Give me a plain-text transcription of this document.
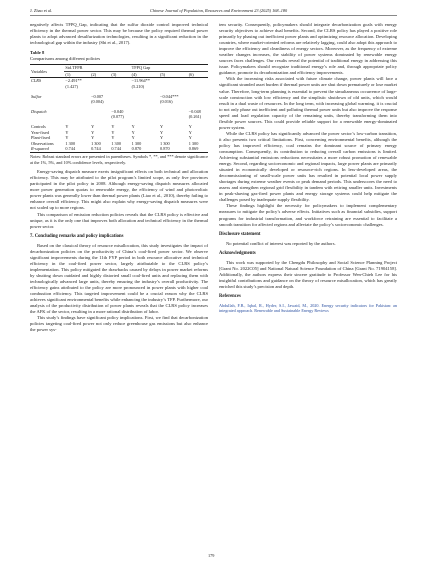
J. Zhao et al.	Chinese Journal of Population, Resources and Environment 23 (2025) 168–180

negatively affects TFPQ_Gap, indicating that the sulfur dioxide control improved technical efficiency in the thermal power sector. This may be because the policy required thermal power plants to adopt advanced desulfurization technologies, resulting in a significant reduction in the technological gap within the industry (Shi et al., 2017).

Table 8
Comparisons among different policies
Variables	Std.TFPR			TFPQ Gap		
	(1)	(2)	(3)	(4)	(5)	(6)
CLRS	−2.491**			−11.964**		
	(1.427)			(5.210)		

Sulfur		−0.007			−0.044***	
		(0.004)			(0.016)	

Dispatch			−0.040			−0.048
			(0.077)			(0.261)

Controls	Y	Y	Y	Y	Y	Y
Year-fixed	Y	Y	Y	Y	Y	Y
Plant-fixed	Y	Y	Y	Y	Y	Y
Observations	1 300	1 300	1 300	1 300	1 300	1 300
R-squared	0.744	0.744	0.744	0.870	0.870	0.869

Notes: Robust standard errors are presented in parentheses. Symbols *, **, and *** denote significance at the 1%, 5%, and 10% confidence levels, respectively.

Energy-saving dispatch measure exerts insignificant effects on both technical and allocation efficiency. This may be attributed to the pilot program’s limited scope, as only five provinces participated in the pilot policy in 2008. Although energy-saving dispatch measures allocated more power generation quotas to renewable energy, the efficiency of wind and photovoltaic power plants was generally lower than thermal power plants (Liao et al., 2010), thereby failing to enhance overall efficiency. This might also explain why energy-saving dispatch measures were not scaled up to more regions.

This comparison of emission reduction policies reveals that the CLRS policy is effective and unique, as it is the only one that improves both allocation and technical efficiency in the thermal power sector.

7. Concluding remarks and policy implications

Based on the classical theory of resource misallocation, this study investigates the impact of decarbonization policies on the productivity of China’s coal-fired power sector. We observe significant improvements during the 11th FYP period in both resource allocative and technical efficiency in the coal-fired power sector, largely attributable to the CLRS policy’s implementation. This policy mitigated the drawbacks caused by delays in power market reforms by shutting down outdated and highly distorted small coal-fired units and replacing them with technologically advanced large units, thereby ensuring the industry’s overall productivity. The efficiency gains attributed to the policy are more pronounced in power plants with higher coal combustion efficiency. This targeted improvement could be a crucial reason why the CLRS achieves significant environmental benefits while enhancing the industry’s TFP. Furthermore, our analysis of the productivity distribution of power plants reveals that the CLRS policy increases the AFK of the sector, resulting in a more rational distribution of labor.

This study’s findings have significant policy implications. First, we find that decarbonization policies targeting coal-fired power not only reduce greenhouse gas emissions but also enhance the power sys-

tem security. Consequently, policymakers should integrate decarbonization goals with energy security objectives to achieve dual benefits. Second, the CLRS policy has played a positive role primarily by phasing out inefficient power plants and optimizing resource allocation. Developing countries, where market-oriented reforms are relatively lagging, could also adopt this approach to improve the efficiency and cleanliness of energy sectors. Moreover, as the frequency of extreme weather changes increases, the stability of power systems dominated by renewable energy sources faces challenges. Our results reveal the potential of traditional energy in addressing this issue. Policymakers should recognize traditional energy’s role and, through appropriate policy guidance, promote its decarbonization and efficiency improvements.

With the increasing risks associated with future climate change, power plants will face a significant stranded asset burden if thermal power units are shut down prematurely or lose market value. Therefore, long-term planning is essential to prevent the simultaneous occurrence of large-scale construction with low efficiency and the simplistic shutdown of old units, which would result in a dual waste of resources. In the long term, with increasing global warming, it is crucial to not only phase out inefficient and polluting thermal power units but also improve the response speed and load regulation capacity of the remaining units, thereby transforming them into flexible power sources. This could provide reliable support for a renewable energy-dominated power system.

While the CLRS policy has significantly advanced the power sector’s low-carbon transition, it also presents two critical limitations. First, concerning environmental benefits, although the policy has improved efficiency, coal remains the dominant source of primary energy consumption. Consequently, its contribution to reducing overall carbon emissions is limited. Achieving substantial emissions reductions necessitates a more robust promotion of renewable energy. Second, regarding socioeconomic and regional impacts, large power plants are primarily situated in economically developed or resource-rich regions. In less-developed areas, the decommissioning of small-scale power units has resulted in potential local power supply shortages during extreme weather events or peak demand periods. This underscores the need to assess and strengthen regional grid flexibility in tandem with retiring smaller units. Investments in peak-shaving gas-fired power plants and energy storage systems could help mitigate the challenges posed by inadequate supply flexibility.

These findings highlight the necessity for policymakers to implement complementary measures to mitigate the policy’s adverse effects. Initiatives such as financial subsidies, support programs for industrial transformation, and workforce retraining are essential to facilitate a smooth transition for affected regions and alleviate the policy’s socioeconomic challenges.

Disclosure statement

No potential conflict of interest was reported by the authors.

Acknowledgments

This work was supported by the Chengdu Philosophy and Social Science Planning Project [Grant No. 2022C05] and National Natural Science Foundation of China [Grant No. 71904158]. Additionally, the authors express their sincere gratitude to Professor Wen-Chieh Lee for his insightful contributions and guidance on the theory of resource misallocation, which has greatly enriched this study’s precision and depth.

References

Abdullah, F.B., Iqbal, R., Hyder, S.I., Jawaid, M., 2020. Energy security indicators for Pakistan: an integrated approach. Renewable and Sustainable Energy Reviews

179
